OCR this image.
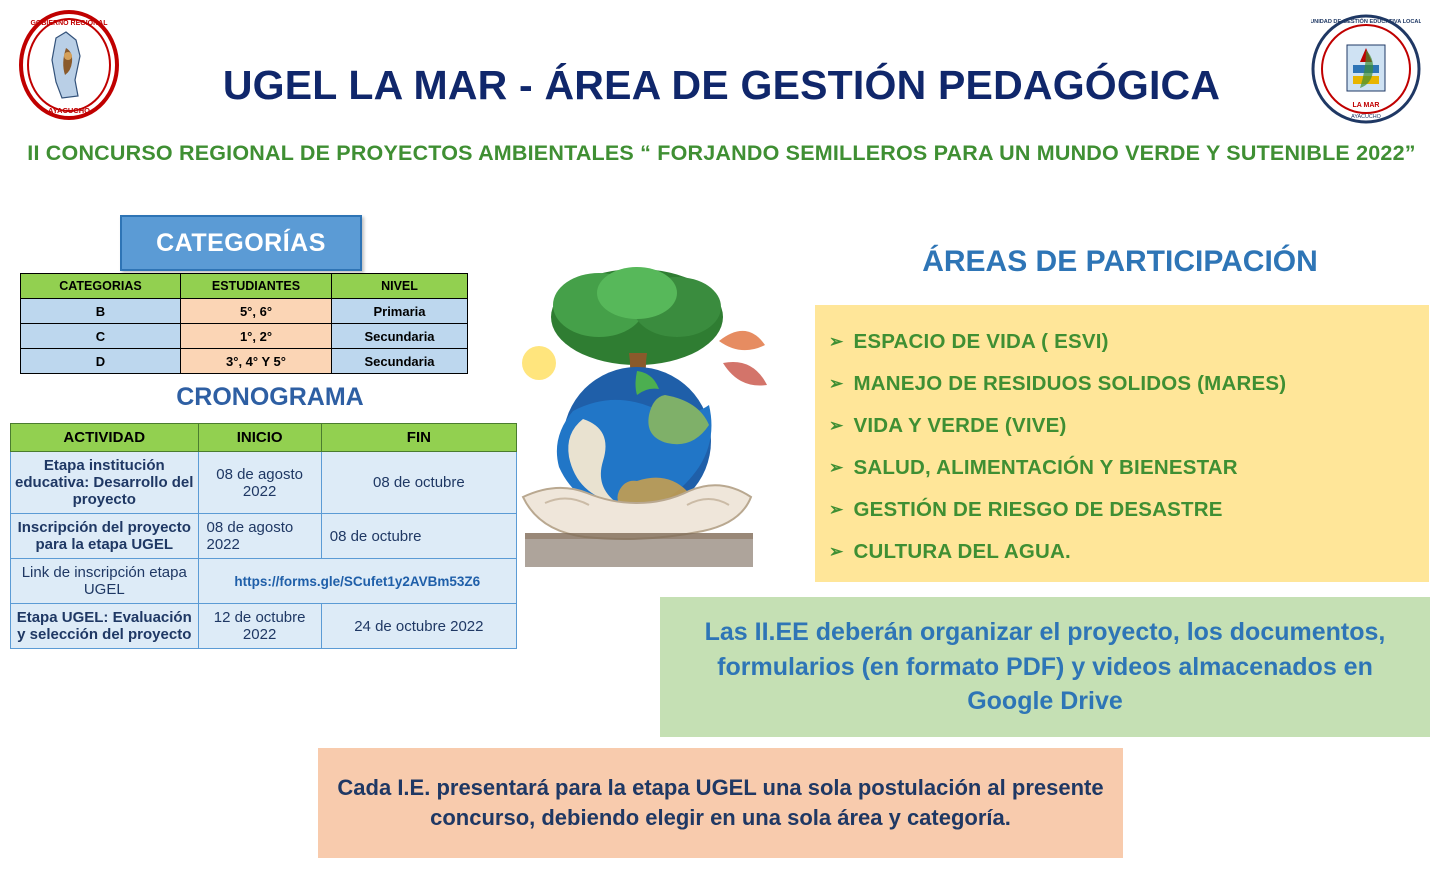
GOBIERNO REGIONAL
AYACUCHO
UNIDAD DE GESTIÓN EDUCATIVA LOCAL
LA MAR
AYACUCHO
UGEL LA MAR - ÁREA DE GESTIÓN PEDAGÓGICA
II CONCURSO REGIONAL DE PROYECTOS AMBIENTALES “ FORJANDO SEMILLEROS PARA UN MUNDO VERDE Y SUTENIBLE 2022”
CATEGORÍAS
CATEGORIAS	ESTUDIANTES	NIVEL
B	5°, 6°	Primaria
C	1°, 2°	Secundaria
D	3°, 4° Y 5°	Secundaria
CRONOGRAMA
ACTIVIDAD	INICIO	FIN
Etapa institución educativa: Desarrollo del proyecto	08 de agosto 2022	08 de octubre
Inscripción del proyecto para la etapa UGEL	08 de agosto 2022	08 de octubre
Link de inscripción etapa UGEL	https://forms.gle/SCufet1y2AVBm53Z6	
Etapa UGEL: Evaluación y selección del proyecto	12 de octubre 2022	24 de octubre 2022
ÁREAS DE PARTICIPACIÓN
➢ ESPACIO DE VIDA ( ESVI)
➢ MANEJO DE RESIDUOS SOLIDOS (MARES)
➢ VIDA Y VERDE (VIVE)
➢ SALUD, ALIMENTACIÓN Y BIENESTAR
➢ GESTIÓN DE RIESGO DE DESASTRE
➢ CULTURA DEL AGUA.
Las II.EE deberán organizar el proyecto, los documentos, formularios (en formato PDF) y videos almacenados en Google Drive
Cada I.E. presentará para la etapa UGEL una sola postulación al presente concurso, debiendo elegir en una sola área y categoría.
